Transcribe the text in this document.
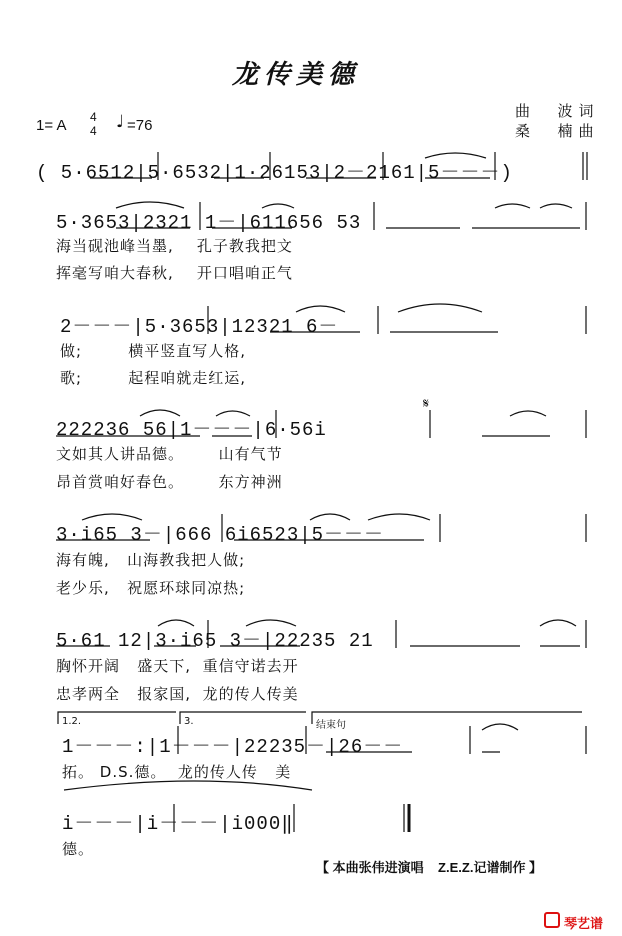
龙传美德
曲  波词
桑  楠曲
1= A 4
4 ♩ =76
( 5·6512|5·6532|1·26153|2－2161|5－－－)
5·3653|2321 1－|611656 53
海当砚池峰当墨,    孔子教我把文
挥毫写咱大春秋,    开口唱咱正气
2－－－|5·3653|12321 6－
做;        横平竖直写人格,
歌;        起程咱就走红运,
𝄋
222236 56|1－－－|6·56i
文如其人讲品德。      山有气节
昂首赏咱好春色。      东方神洲
3·i65 3－|666 6i6523|5－－－
海有魄,   山海教我把人做;
老少乐,   祝愿环球同凉热;
5·61 12|3·i65 3－|22235 21
胸怀开阔   盛天下,  重信守诺去开
忠孝两全   报家国,  龙的传人传美
1.2.	3.	结束句
1－－－:|1－－－|22235－|26－－
拓。 D.S.德。  龙的传人传   美
i－－－|i－－－|i000‖
德。
【 本曲张伟进演唱    Z.E.Z.记谱制作 】
琴艺谱
